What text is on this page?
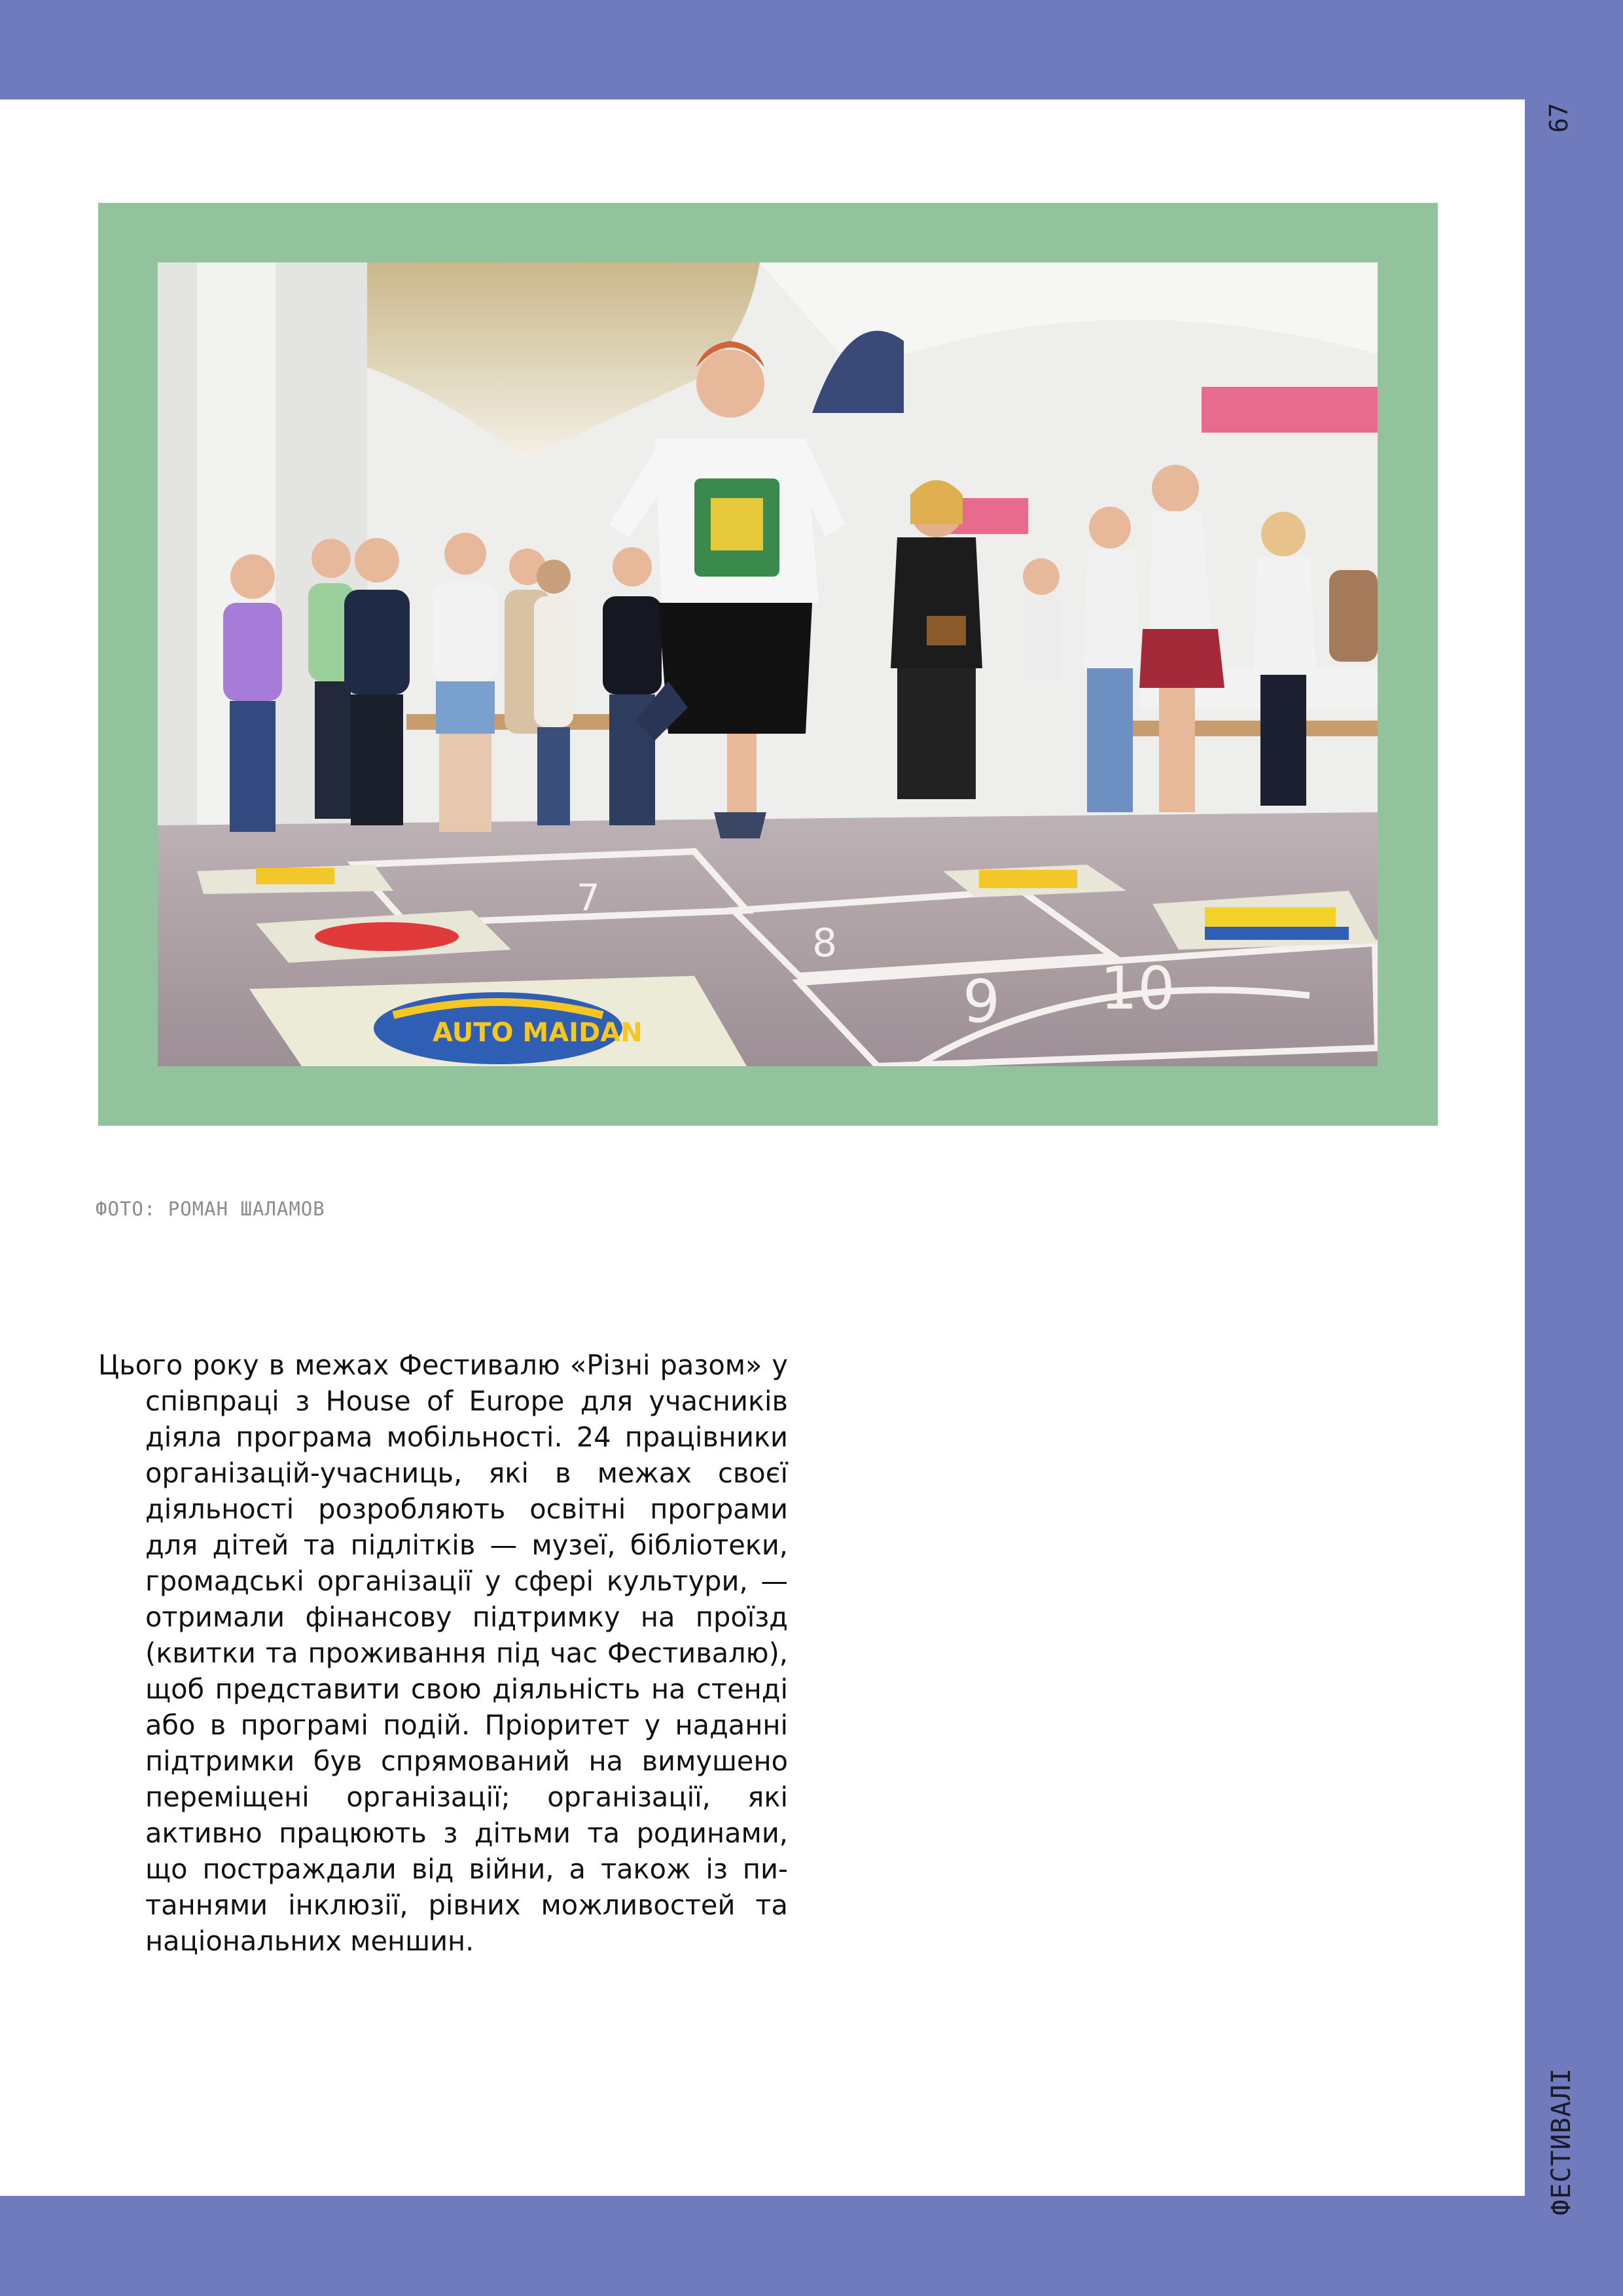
67
ФЕСТИВАЛІ
7
8
9 10
AUTO MAIDAN
ФОТО: РОМАН ШАЛАМОВ
Цього року в межах Фестивалю «Різні разом» у співпраці з House of Europe для учасників діяла програма мобільності. 24 працівники організацій-учасниць, які в межах своєї діяльності розробляють освітні програми для дітей та підлітків — музеї, бібліотеки, громадські організації у сфері культури, — отримали фінансову підтримку на проїзд (квитки та проживання під час Фестивалю), щоб представити свою діяльність на стенді або в програмі подій. Пріоритет у наданні підтримки був спрямований на вимушено переміщені організації; організації, які активно працюють з дітьми та родинами, що постраждали від війни, а також із питаннями інклюзії, рівних можливостей та національних меншин.
